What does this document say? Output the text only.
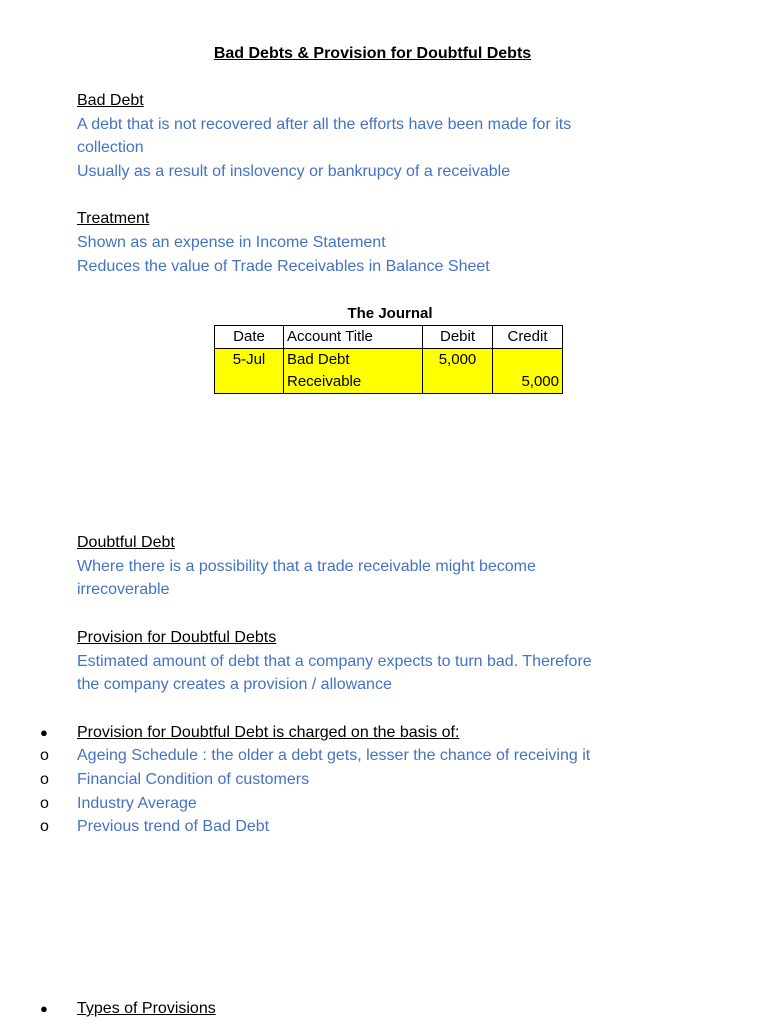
Bad Debts & Provision for Doubtful Debts
Bad Debt
A debt that is not recovered after all the efforts have been made for its
collection
Usually as a result of inslovency or bankrupcy of a receivable
Treatment
Shown as an expense in Income Statement
Reduces the value of Trade Receivables in Balance Sheet
The Journal
Date	Account Title	Debit	Credit
5-Jul	Bad Debt	5,000	
	Receivable		5,000
Doubtful Debt
Where there is a possibility that a trade receivable might become
irrecoverable
Provision for Doubtful Debts
Estimated amount of debt that a company expects to turn bad. Therefore
the company creates a provision / allowance
● Provision for Doubtful Debt is charged on the basis of:
o Ageing Schedule : the older a debt gets, lesser the chance of receiving it
o Financial Condition of customers
o Industry Average
o Previous trend of Bad Debt
● Types of Provisions
